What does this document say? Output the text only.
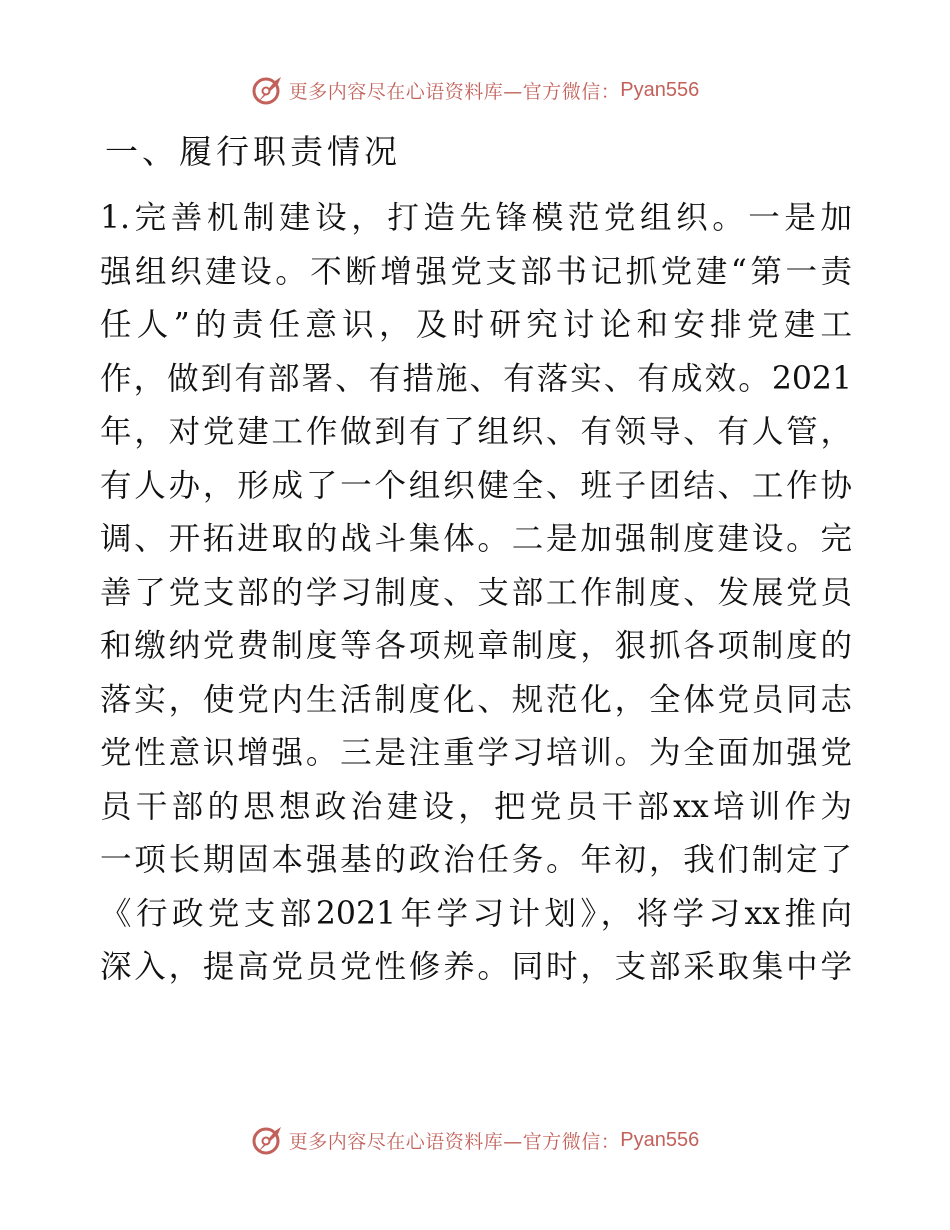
更多内容尽在心语资料库—官方微信： Pyan556
一、履行职责情况
1.完善机制建设，打造先锋模范党组织。一是加
强组织建设。不断增强党支部书记抓党建“第一责
任人”的责任意识，及时研究讨论和安排党建工
作，做到有部署、有措施、有落实、有成效。2021
年，对党建工作做到有了组织、有领导、有人管，
有人办，形成了一个组织健全、班子团结、工作协
调、开拓进取的战斗集体。二是加强制度建设。完
善了党支部的学习制度、支部工作制度、发展党员
和缴纳党费制度等各项规章制度，狠抓各项制度的
落实，使党内生活制度化、规范化，全体党员同志
党性意识增强。三是注重学习培训。为全面加强党
员干部的思想政治建设，把党员干部xx培训作为
一项长期固本强基的政治任务。年初，我们制定了
《行政党支部2021年学习计划》，将学习xx推向
深入，提高党员党性修养。同时，支部采取集中学
更多内容尽在心语资料库—官方微信： Pyan556
